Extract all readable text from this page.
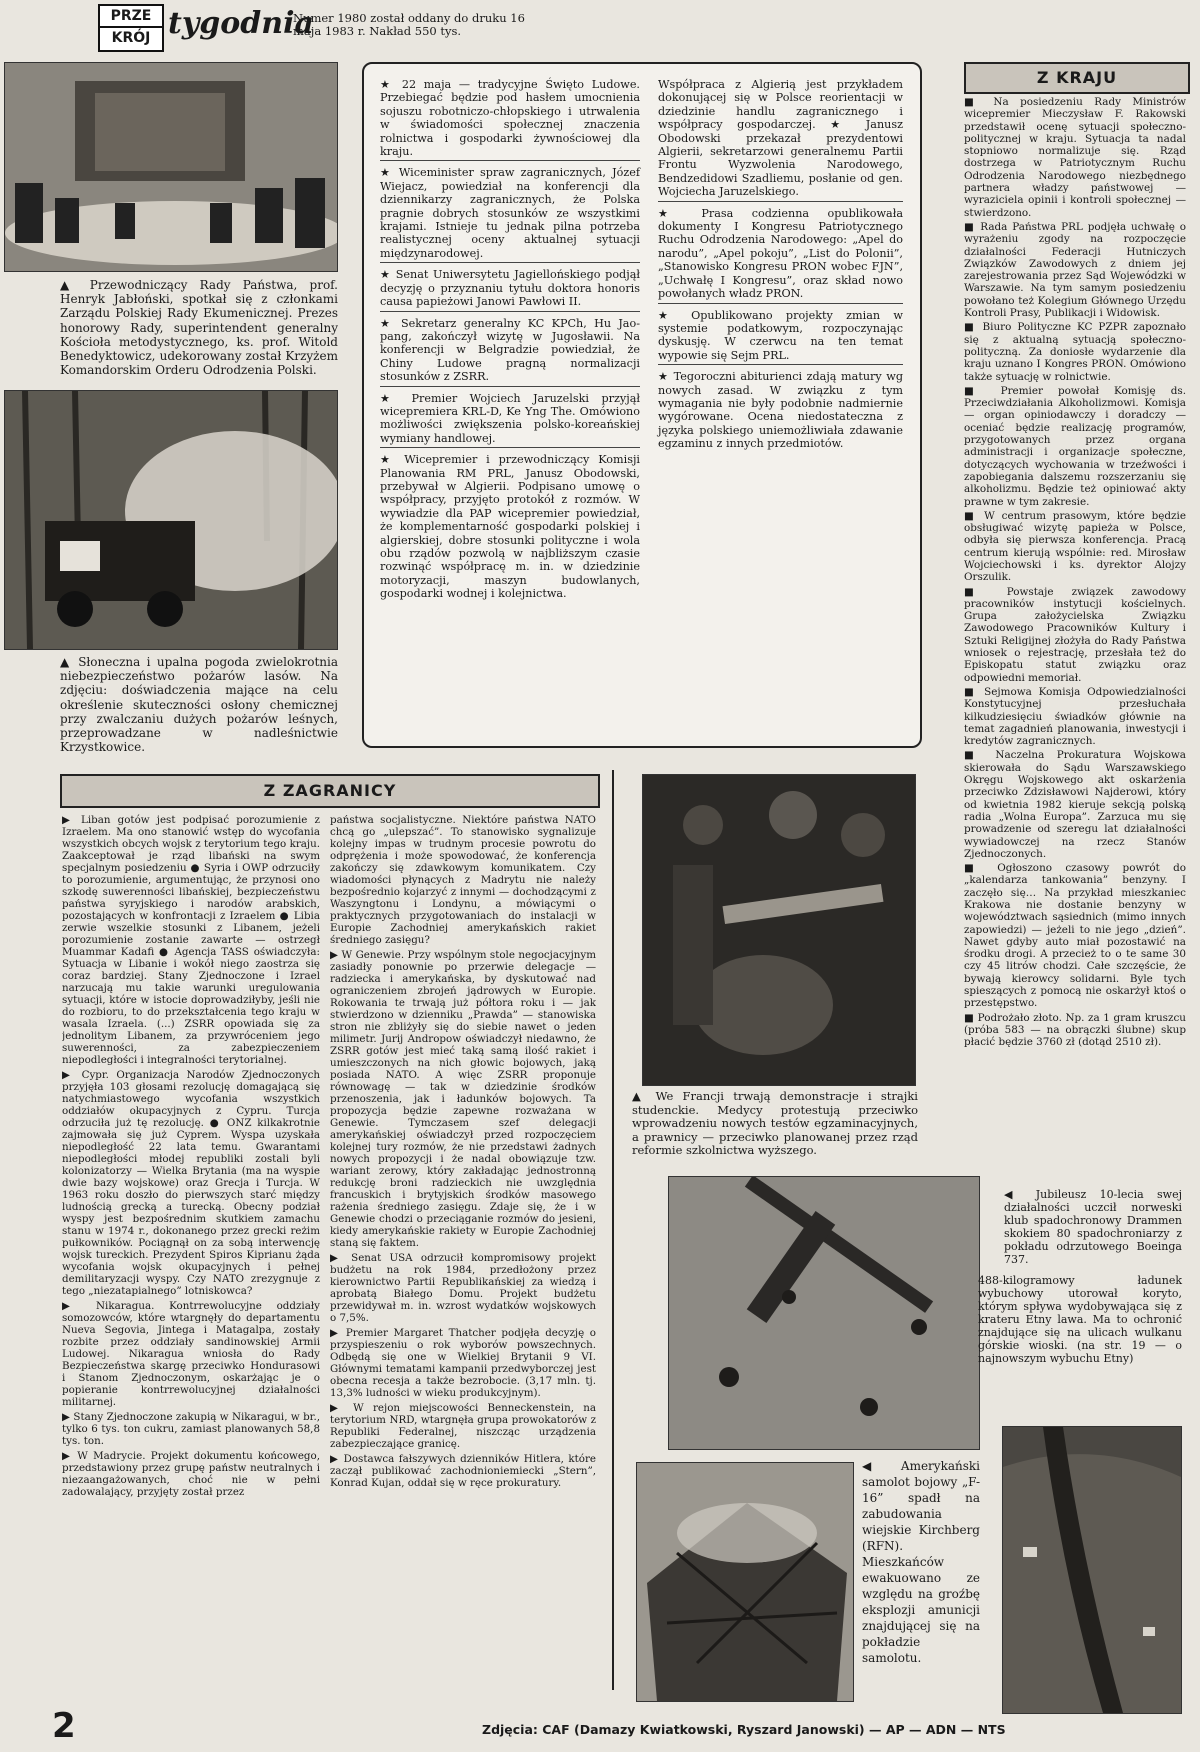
PRZE
KRÓJ tygodnia
Numer 1980 został oddany do druku 16 maja 1983 r. Nakład 550 tys.

▲ Przewodniczący Rady Państwa, prof. Henryk Jabłoński, spotkał się z członkami Zarządu Polskiej Rady Ekumenicznej. Prezes honorowy Rady, superintendent generalny Kościoła metodystycznego, ks. prof. Witold Benedyktowicz, udekorowany został Krzyżem Komandorskim Orderu Odrodzenia Polski.

▲ Słoneczna i upalna pogoda zwielokrotnia niebezpieczeństwo pożarów lasów. Na zdjęciu: doświadczenia mające na celu określenie skuteczności osłony chemicznej przy zwalczaniu dużych pożarów leśnych, przeprowadzane w nadleśnictwie Krzystkowice.

★ 22 maja — tradycyjne Święto Ludowe. Przebiegać będzie pod hasłem umocnienia sojuszu robotniczo-chłopskiego i utrwalenia w świadomości społecznej znaczenia rolnictwa i gospodarki żywnościowej dla kraju.

★ Wiceminister spraw zagranicznych, Józef Wiejacz, powiedział na konferencji dla dziennikarzy zagranicznych, że Polska pragnie dobrych stosunków ze wszystkimi krajami. Istnieje tu jednak pilna potrzeba realistycznej oceny aktualnej sytuacji międzynarodowej.

★ Senat Uniwersytetu Jagiellońskiego podjął decyzję o przyznaniu tytułu doktora honoris causa papieżowi Janowi Pawłowi II.

★ Sekretarz generalny KC KPCh, Hu Jao-pang, zakończył wizytę w Jugosławii. Na konferencji w Belgradzie powiedział, że Chiny Ludowe pragną normalizacji stosunków z ZSRR.

★ Premier Wojciech Jaruzelski przyjął wicepremiera KRL-D, Ke Yng The. Omówiono możliwości zwiększenia polsko-koreańskiej wymiany handlowej.

★ Wicepremier i przewodniczący Komisji Planowania RM PRL, Janusz Obodowski, przebywał w Algierii. Podpisano umowę o współpracy, przyjęto protokół z rozmów. W wywiadzie dla PAP wicepremier powiedział, że komplementarność gospodarki polskiej i algierskiej, dobre stosunki polityczne i wola obu rządów pozwolą w najbliższym czasie rozwinąć współpracę m. in. w dziedzinie motoryzacji, maszyn budowlanych, gospodarki wodnej i kolejnictwa.

Współpraca z Algierią jest przykładem dokonującej się w Polsce reorientacji w dziedzinie handlu zagranicznego i współpracy gospodarczej. ★ Janusz Obodowski przekazał prezydentowi Algierii, sekretarzowi generalnemu Partii Frontu Wyzwolenia Narodowego, Bendzedidowi Szadliemu, posłanie od gen. Wojciecha Jaruzelskiego.

★ Prasa codzienna opublikowała dokumenty I Kongresu Patriotycznego Ruchu Odrodzenia Narodowego: „Apel do narodu”, „Apel pokoju”, „List do Polonii”, „Stanowisko Kongresu PRON wobec FJN”, „Uchwałę I Kongresu”, oraz skład nowo powołanych władz PRON.

★ Opublikowano projekty zmian w systemie podatkowym, rozpoczynając dyskusję. W czerwcu na ten temat wypowie się Sejm PRL.

★ Tegoroczni abiturienci zdają matury wg nowych zasad. W związku z tym wymagania nie były podobnie nadmiernie wygórowane. Ocena niedostateczna z języka polskiego uniemożliwiała zdawanie egzaminu z innych przedmiotów.

Z KRAJU

■ Na posiedzeniu Rady Ministrów wicepremier Mieczysław F. Rakowski przedstawił ocenę sytuacji społeczno-politycznej w kraju. Sytuacja ta nadal stopniowo normalizuje się. Rząd dostrzega w Patriotycznym Ruchu Odrodzenia Narodowego niezbędnego partnera władzy państwowej — wyraziciela opinii i kontroli społecznej — stwierdzono.

■ Rada Państwa PRL podjęła uchwałę o wyrażeniu zgody na rozpoczęcie działalności Federacji Hutniczych Związków Zawodowych z dniem jej zarejestrowania przez Sąd Wojewódzki w Warszawie. Na tym samym posiedzeniu powołano też Kolegium Głównego Urzędu Kontroli Prasy, Publikacji i Widowisk.

■ Biuro Polityczne KC PZPR zapoznało się z aktualną sytuacją społeczno-polityczną. Za doniosłe wydarzenie dla kraju uznano I Kongres PRON. Omówiono także sytuację w rolnictwie.

■ Premier powołał Komisję ds. Przeciwdziałania Alkoholizmowi. Komisja — organ opiniodawczy i doradczy — oceniać będzie realizację programów, przygotowanych przez organa administracji i organizacje społeczne, dotyczących wychowania w trzeźwości i zapobiegania dalszemu rozszerzaniu się alkoholizmu. Będzie też opiniować akty prawne w tym zakresie.

■ W centrum prasowym, które będzie obsługiwać wizytę papieża w Polsce, odbyła się pierwsza konferencja. Pracą centrum kierują wspólnie: red. Mirosław Wojciechowski i ks. dyrektor Alojzy Orszulik.

■ Powstaje związek zawodowy pracowników instytucji kościelnych. Grupa założycielska Związku Zawodowego Pracowników Kultury i Sztuki Religijnej złożyła do Rady Państwa wniosek o rejestrację, przesłała też do Episkopatu statut związku oraz odpowiedni memoriał.

■ Sejmowa Komisja Odpowiedzialności Konstytucyjnej przesłuchała kilkudziesięciu świadków głównie na temat zagadnień planowania, inwestycji i kredytów zagranicznych.

■ Naczelna Prokuratura Wojskowa skierowała do Sądu Warszawskiego Okręgu Wojskowego akt oskarżenia przeciwko Zdzisławowi Najderowi, który od kwietnia 1982 kieruje sekcją polską radia „Wolna Europa”. Zarzuca mu się prowadzenie od szeregu lat działalności wywiadowczej na rzecz Stanów Zjednoczonych.

■ Ogłoszono czasowy powrót do „kalendarza tankowania” benzyny. I zaczęło się… Na przykład mieszkaniec Krakowa nie dostanie benzyny w województwach sąsiednich (mimo innych zapowiedzi) — jeżeli to nie jego „dzień”. Nawet gdyby auto miał pozostawić na środku drogi. A przecież to o te same 30 czy 45 litrów chodzi. Całe szczęście, że bywają kierowcy solidarni. Byle tych spieszących z pomocą nie oskarżył ktoś o przestępstwo.

■ Podrożało złoto. Np. za 1 gram kruszcu (próba 583 — na obrączki ślubne) skup płacić będzie 3760 zł (dotąd 2510 zł).

Z ZAGRANICY

▶ Liban gotów jest podpisać porozumienie z Izraelem. Ma ono stanowić wstęp do wycofania wszystkich obcych wojsk z terytorium tego kraju. Zaakceptował je rząd libański na swym specjalnym posiedzeniu ● Syria i OWP odrzuciły to porozumienie, argumentując, że przynosi ono szkodę suwerenności libańskiej, bezpieczeństwu państwa syryjskiego i narodów arabskich, pozostających w konfrontacji z Izraelem ● Libia zerwie wszelkie stosunki z Libanem, jeżeli porozumienie zostanie zawarte — ostrzegł Muammar Kadafi ● Agencja TASS oświadczyła: Sytuacja w Libanie i wokół niego zaostrza się coraz bardziej. Stany Zjednoczone i Izrael narzucają mu takie warunki uregulowania sytuacji, które w istocie doprowadziłyby, jeśli nie do rozbioru, to do przekształcenia tego kraju w wasala Izraela. (...) ZSRR opowiada się za jednolitym Libanem, za przywróceniem jego suwerenności, za zabezpieczeniem niepodległości i integralności terytorialnej.

▶ Cypr. Organizacja Narodów Zjednoczonych przyjęła 103 głosami rezolucję domagającą się natychmiastowego wycofania wszystkich oddziałów okupacyjnych z Cypru. Turcja odrzuciła już tę rezolucję. ● ONZ kilkakrotnie zajmowała się już Cyprem. Wyspa uzyskała niepodległość 22 lata temu. Gwarantami niepodległości młodej republiki zostali byli kolonizatorzy — Wielka Brytania (ma na wyspie dwie bazy wojskowe) oraz Grecja i Turcja. W 1963 roku doszło do pierwszych starć między ludnością grecką a turecką. Obecny podział wyspy jest bezpośrednim skutkiem zamachu stanu w 1974 r., dokonanego przez grecki reżim pułkowników. Pociągnął on za sobą interwencję wojsk tureckich. Prezydent Spiros Kiprianu żąda wycofania wojsk okupacyjnych i pełnej demilitaryzacji wyspy. Czy NATO zrezygnuje z tego „niezatapialnego” lotniskowca?

▶ Nikaragua. Kontrrewolucyjne oddziały somozowców, które wtargnęły do departamentu Nueva Segovia, Jintega i Matagalpa, zostały rozbite przez oddziały sandinowskiej Armii Ludowej. Nikaragua wniosła do Rady Bezpieczeństwa skargę przeciwko Hondurasowi i Stanom Zjednoczonym, oskarżając je o popieranie kontrrewolucyjnej działalności militarnej.

▶ Stany Zjednoczone zakupią w Nikaragui, w br., tylko 6 tys. ton cukru, zamiast planowanych 58,8 tys. ton.

▶ W Madrycie. Projekt dokumentu końcowego, przedstawiony przez grupę państw neutralnych i niezaangażowanych, choć nie w pełni zadowalający, przyjęty został przez

państwa socjalistyczne. Niektóre państwa NATO chcą go „ulepszać”. To stanowisko sygnalizuje kolejny impas w trudnym procesie powrotu do odprężenia i może spowodować, że konferencja zakończy się zdawkowym komunikatem. Czy wiadomości płynących z Madrytu nie należy bezpośrednio kojarzyć z innymi — dochodzącymi z Waszyngtonu i Londynu, a mówiącymi o praktycznych przygotowaniach do instalacji w Europie Zachodniej amerykańskich rakiet średniego zasięgu?

▶ W Genewie. Przy wspólnym stole negocjacyjnym zasiadły ponownie po przerwie delegacje — radziecka i amerykańska, by dyskutować nad ograniczeniem zbrojeń jądrowych w Europie. Rokowania te trwają już półtora roku i — jak stwierdzono w dzienniku „Prawda” — stanowiska stron nie zbliżyły się do siebie nawet o jeden milimetr. Jurij Andropow oświadczył niedawno, że ZSRR gotów jest mieć taką samą ilość rakiet i umieszczonych na nich głowic bojowych, jaką posiada NATO. A więc ZSRR proponuje równowagę — tak w dziedzinie środków przenoszenia, jak i ładunków bojowych. Ta propozycja będzie zapewne rozważana w Genewie. Tymczasem szef delegacji amerykańskiej oświadczył przed rozpoczęciem kolejnej tury rozmów, że nie przedstawi żadnych nowych propozycji i że nadal obowiązuje tzw. wariant zerowy, który zakładając jednostronną redukcję broni radzieckich nie uwzględnia francuskich i brytyjskich środków masowego rażenia średniego zasięgu. Zdaje się, że i w Genewie chodzi o przeciąganie rozmów do jesieni, kiedy amerykańskie rakiety w Europie Zachodniej staną się faktem.

▶ Senat USA odrzucił kompromisowy projekt budżetu na rok 1984, przedłożony przez kierownictwo Partii Republikańskiej za wiedzą i aprobatą Białego Domu. Projekt budżetu przewidywał m. in. wzrost wydatków wojskowych o 7,5%.

▶ Premier Margaret Thatcher podjęła decyzję o przyspieszeniu o rok wyborów powszechnych. Odbędą się one w Wielkiej Brytanii 9 VI. Głównymi tematami kampanii przedwyborczej jest obecna recesja a także bezrobocie. (3,17 mln. tj. 13,3% ludności w wieku produkcyjnym).

▶ W rejon miejscowości Benneckenstein, na terytorium NRD, wtargnęła grupa prowokatorów z Republiki Federalnej, niszcząc urządzenia zabezpieczające granicę.

▶ Dostawca fałszywych dzienników Hitlera, które zaczął publikować zachodnioniemiecki „Stern”, Konrad Kujan, oddał się w ręce prokuratury.

▲ We Francji trwają demonstracje i strajki studenckie. Medycy protestują przeciwko wprowadzeniu nowych testów egzaminacyjnych, a prawnicy — przeciwko planowanej przez rząd reformie szkolnictwa wyższego.

◀ Jubileusz 10-lecia swej działalności uczcił norweski klub spadochronowy Drammen skokiem 80 spadochroniarzy z pokładu odrzutowego Boeinga 737.

488-kilogramowy ładunek wybuchowy utorował koryto, którym spływa wydobywająca się z krateru Etny lawa. Ma to ochronić znajdujące się na ulicach wulkanu górskie wioski. (na str. 19 — o najnowszym wybuchu Etny)

◀ Amerykański samolot bojowy „F-16” spadł na zabudowania wiejskie Kirchberg (RFN). Mieszkańców ewakuowano ze względu na groźbę eksplozji amunicji znajdującej się na pokładzie samolotu.

2	Zdjęcia: CAF (Damazy Kwiatkowski, Ryszard Janowski) — AP — ADN — NTS
